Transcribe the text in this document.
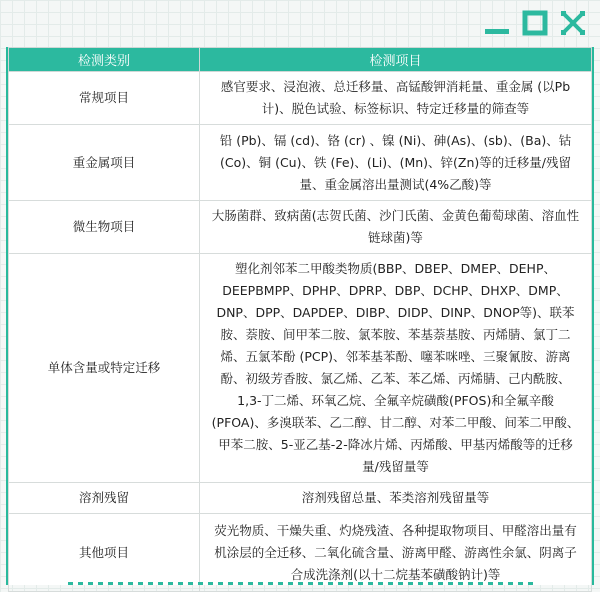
检测类别	检测项目
常规项目	感官要求、浸泡液、总迁移量、高锰酸钾消耗量、重金属 (以Pb计)、脱色试验、标签标识、特定迁移量的筛查等
重金属项目	铅 (Pb)、镉 (cd)、铬 (cr) 、镍 (Ni)、砷(As)、(sb)、(Ba)、钴(Co)、铜 (Cu)、铁 (Fe)、(Li)、(Mn)、锌(Zn)等的迁移量/残留量、重金属溶出量测试(4%乙酸)等
微生物项目	大肠菌群、致病菌(志贺氏菌、沙门氏菌、金黄色葡萄球菌、溶血性链球菌)等
单体含量或特定迁移	塑化剂邻苯二甲酸类物质(BBP、DBEP、DMEP、DEHP、DEEPBMPP、DPHP、DPRP、DBP、DCHP、DHXP、DMP、DNP、DPP、DAPDEP、DIBP、DIDP、DINP、DNOP等)、联苯胺、萘胺、间甲苯二胺、氯苯胺、苯基萘基胺、丙烯腈、氯丁二烯、五氯苯酚 (PCP)、邻苯基苯酚、噻苯咪唑、三聚氰胺、游离酚、初级芳香胺、氯乙烯、乙苯、苯乙烯、丙烯腈、己内酰胺、1,3-丁二烯、环氧乙烷、全氟辛烷磺酸(PFOS)和全氟辛酸 (PFOA)、多溴联苯、乙二醇、甘二醇、对苯二甲酸、间苯二甲酸、甲苯二胺、5-亚乙基-2-降冰片烯、丙烯酸、甲基丙烯酸等的迁移量/残留量等
溶剂残留	溶剂残留总量、苯类溶剂残留量等
其他项目	荧光物质、干燥失重、灼烧残渣、各种提取物项目、甲醛溶出量有机涂层的全迁移、二氧化硫含量、游离甲醛、游离性余氯、阴离子合成洗涤剂(以十二烷基苯磺酸钠计)等
